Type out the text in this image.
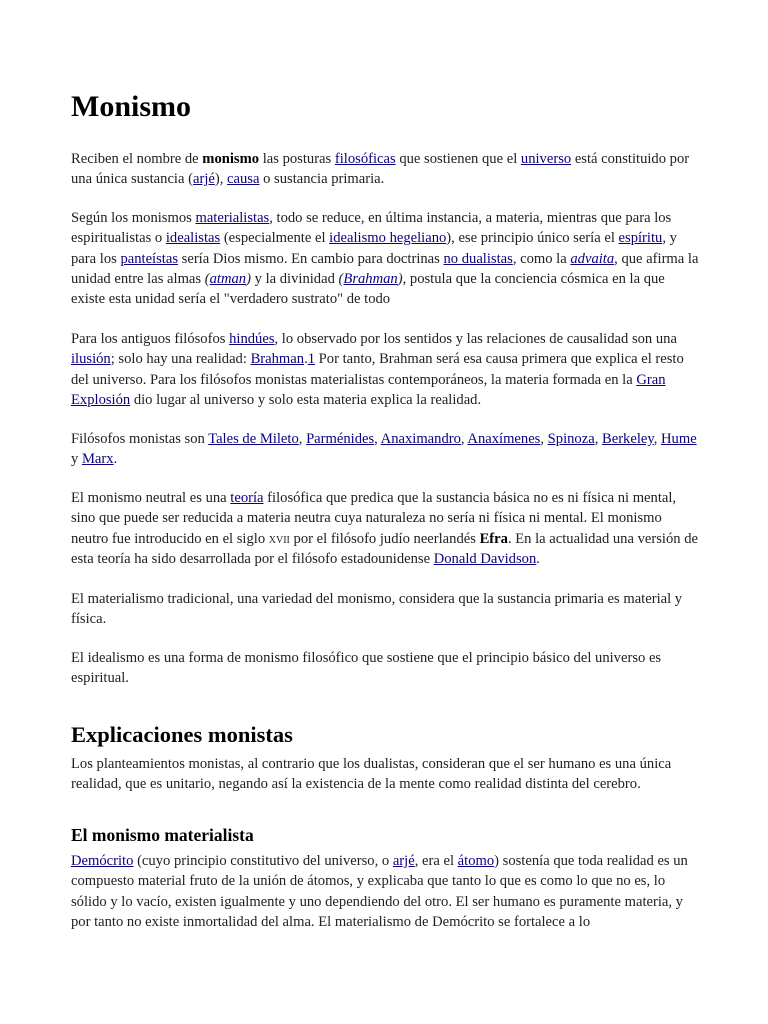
Monismo

Reciben el nombre de monismo las posturas filosóficas que sostienen que el universo está constituido por una única sustancia (arjé), causa o sustancia primaria.

Según los monismos materialistas, todo se reduce, en última instancia, a materia, mientras que para los espiritualistas o idealistas (especialmente el idealismo hegeliano), ese principio único sería el espíritu, y para los panteístas sería Dios mismo. En cambio para doctrinas no dualistas, como la advaita, que afirma la unidad entre las almas (atman) y la divinidad (Brahman), postula que la conciencia cósmica en la que existe esta unidad sería el "verdadero sustrato" de todo

Para los antiguos filósofos hindúes, lo observado por los sentidos y las relaciones de causalidad son una ilusión; solo hay una realidad: Brahman.1 Por tanto, Brahman será esa causa primera que explica el resto del universo. Para los filósofos monistas materialistas contemporáneos, la materia formada en la Gran Explosión dio lugar al universo y solo esta materia explica la realidad.

Filósofos monistas son Tales de Mileto, Parménides, Anaximandro, Anaxímenes, Spinoza, Berkeley, Hume y Marx.

El monismo neutral es una teoría filosófica que predica que la sustancia básica no es ni física ni mental, sino que puede ser reducida a materia neutra cuya naturaleza no sería ni física ni mental. El monismo neutro fue introducido en el siglo xvii por el filósofo judío neerlandés Efra. En la actualidad una versión de esta teoría ha sido desarrollada por el filósofo estadounidense Donald Davidson.

El materialismo tradicional, una variedad del monismo, considera que la sustancia primaria es material y física.

El idealismo es una forma de monismo filosófico que sostiene que el principio básico del universo es espiritual.

Explicaciones monistas

Los planteamientos monistas, al contrario que los dualistas, consideran que el ser humano es una única realidad, que es unitario, negando así la existencia de la mente como realidad distinta del cerebro.

El monismo materialista

Demócrito (cuyo principio constitutivo del universo, o arjé, era el átomo) sostenía que toda realidad es un compuesto material fruto de la unión de átomos, y explicaba que tanto lo que es como lo que no es, lo sólido y lo vacío, existen igualmente y uno dependiendo del otro. El ser humano es puramente materia, y por tanto no existe inmortalidad del alma. El materialismo de Demócrito se fortalece a lo
